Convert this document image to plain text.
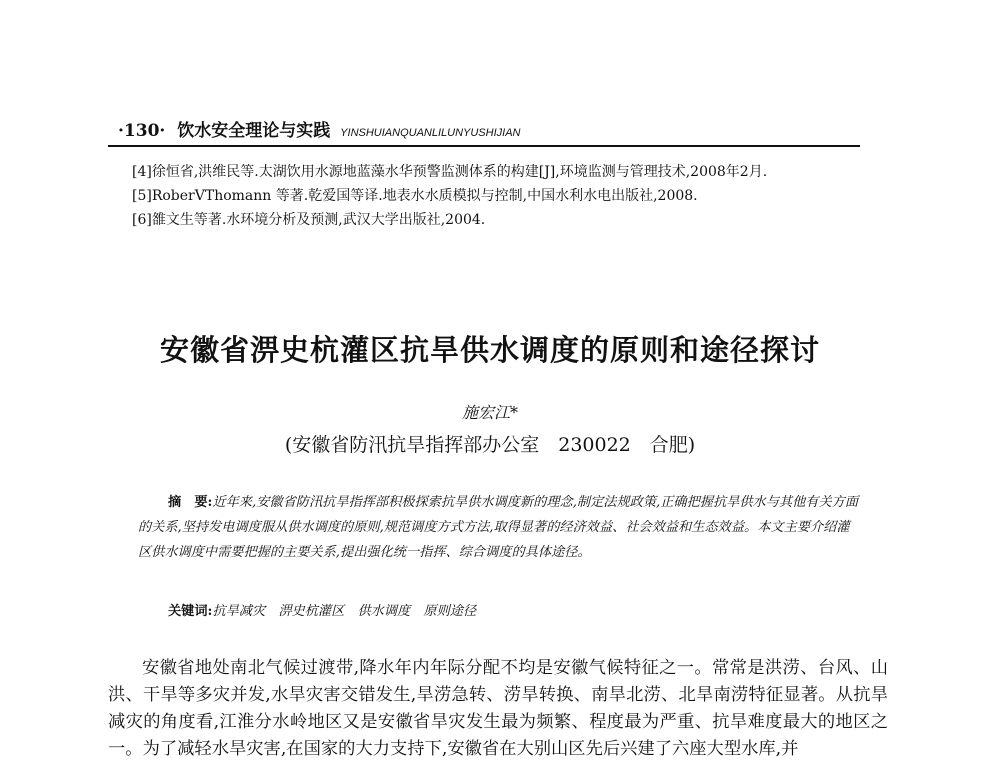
·130· 饮水安全理论与实践 YINSHUIANQUANLILUNYUSHIJIAN
[4]徐恒省,洪维民等.太湖饮用水源地蓝藻水华预警监测体系的构建[J],环境监测与管理技术,2008年2月.
[5]RoberVThomann 等著.乾爱国等译.地表水水质模拟与控制,中国水利水电出版社,2008.
[6]雒文生等著.水环境分析及预测,武汉大学出版社,2004.
安徽省淠史杭灌区抗旱供水调度的原则和途径探讨
施宏江*
(安徽省防汛抗旱指挥部办公室　230022　合肥)
摘　要:近年来,安徽省防汛抗旱指挥部积极探索抗旱供水调度新的理念,制定法规政策,正确把握抗旱供水与其他有关方面的关系,坚持发电调度服从供水调度的原则,规范调度方式方法,取得显著的经济效益、社会效益和生态效益。本文主要介绍灌区供水调度中需要把握的主要关系,提出强化统一指挥、综合调度的具体途径。
关键词:抗旱减灾　淠史杭灌区　供水调度　原则途径
安徽省地处南北气候过渡带,降水年内年际分配不均是安徽气候特征之一。常常是洪涝、台风、山洪、干旱等多灾并发,水旱灾害交错发生,旱涝急转、涝旱转换、南旱北涝、北旱南涝特征显著。从抗旱减灾的角度看,江淮分水岭地区又是安徽省旱灾发生最为频繁、程度最为严重、抗旱难度最大的地区之一。为了减轻水旱灾害,在国家的大力支持下,安徽省在大别山区先后兴建了六座大型水库,并
